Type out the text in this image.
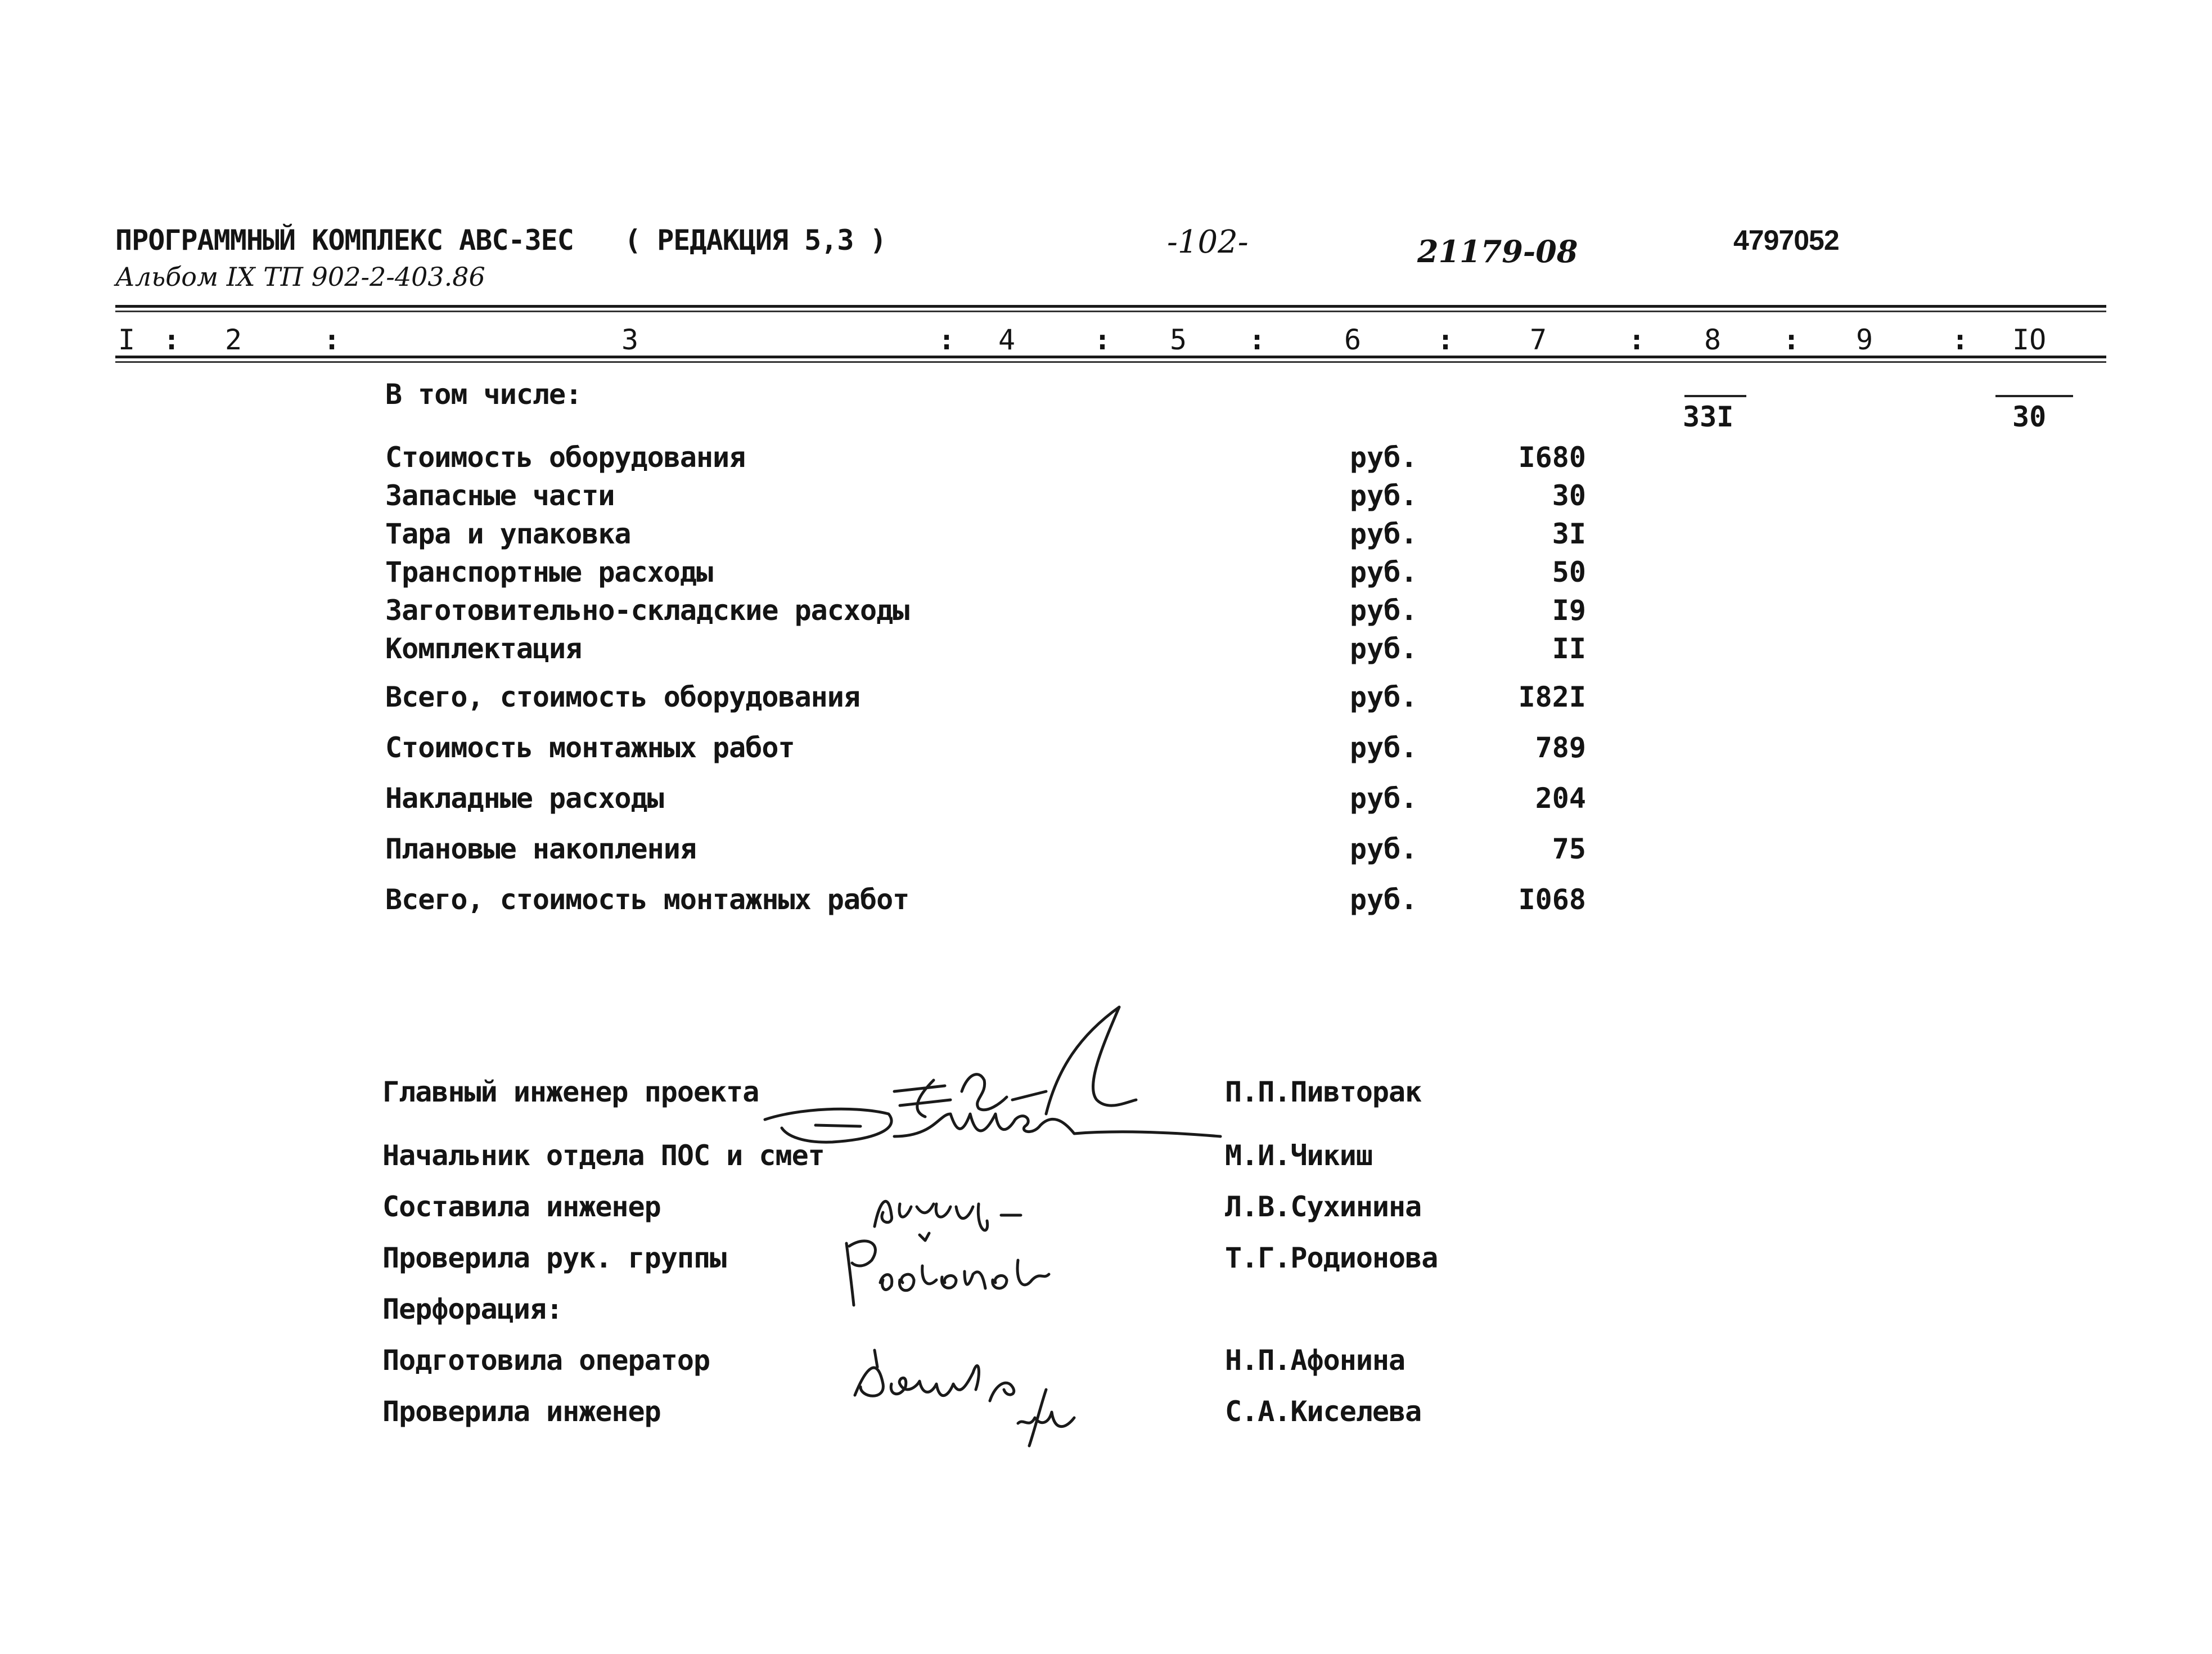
ПРОГРАММНЫЙ КОМПЛЕКС АВС-ЗЕС ( РЕДАКЦИЯ 5,3 )	-102-	21179-08	4797052
Альбом IX ТП 902-2-403.86
I : 2	:	3	: 4	: 5 :	6	:	7	: 8 : 9	: IO
В том числе:
33I	30
Стоимость оборудования	руб.	I680
Запасные части	руб.	30
Тара и упаковка	руб.	3I
Транспортные расходы	руб.	50
Заготовительно-складские расходы	руб.	I9
Комплектация	руб.	II
Всего, стоимость оборудования	руб.	I82I
Стоимость монтажных работ	руб.	789
Накладные расходы	руб.	204
Плановые накопления	руб.	75
Всего, стоимость монтажных работ	руб.	I068
Главный инженер проекта	П.П.Пивторак
Начальник отдела ПОС и смет	М.И.Чикиш
Составила инженер	Л.В.Сухинина
Проверила рук. группы	Т.Г.Родионова
Перфорация:
Подготовила оператор	Н.П.Афонина
Проверила инженер	С.А.Киселева
